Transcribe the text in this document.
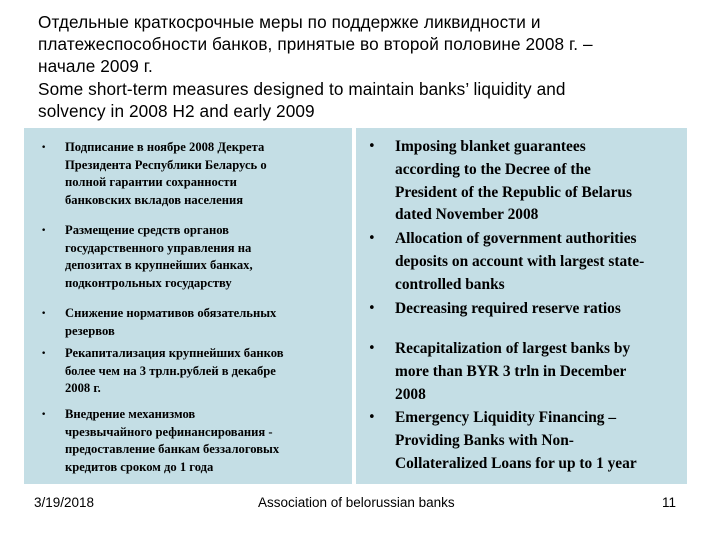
Отдельные краткосрочные меры по поддержке ликвидности и
платежеспособности банков, принятые во второй половине 2008 г. –
начале 2009 г.
Some short-term measures designed to maintain banks’ liquidity and
solvency in 2008 H2 and early 2009
• Подписание в ноябре 2008 Декрета
Президента Республики Беларусь о
полной гарантии сохранности
банковских вкладов населения
• Размещение средств органов
государственного управления на
депозитах в крупнейших банках,
подконтрольных государству
• Снижение нормативов обязательных
резервов
• Рекапитализация крупнейших банков
более чем на 3 трлн.рублей в декабре
2008 г.
• Внедрение механизмов
чрезвычайного рефинансирования -
предоставление банкам беззалоговых
кредитов сроком до 1 года
• Imposing blanket guarantees
according to the Decree of the
President of the Republic of Belarus
dated November 2008
• Allocation of government authorities
deposits on account with largest state-
controlled banks
• Decreasing required reserve ratios
• Recapitalization of largest banks by
more than BYR 3 trln in December
2008
• Emergency Liquidity Financing –
Providing Banks with Non-
Collateralized Loans for up to 1 year
3/19/2018	Association of belorussian banks	11
